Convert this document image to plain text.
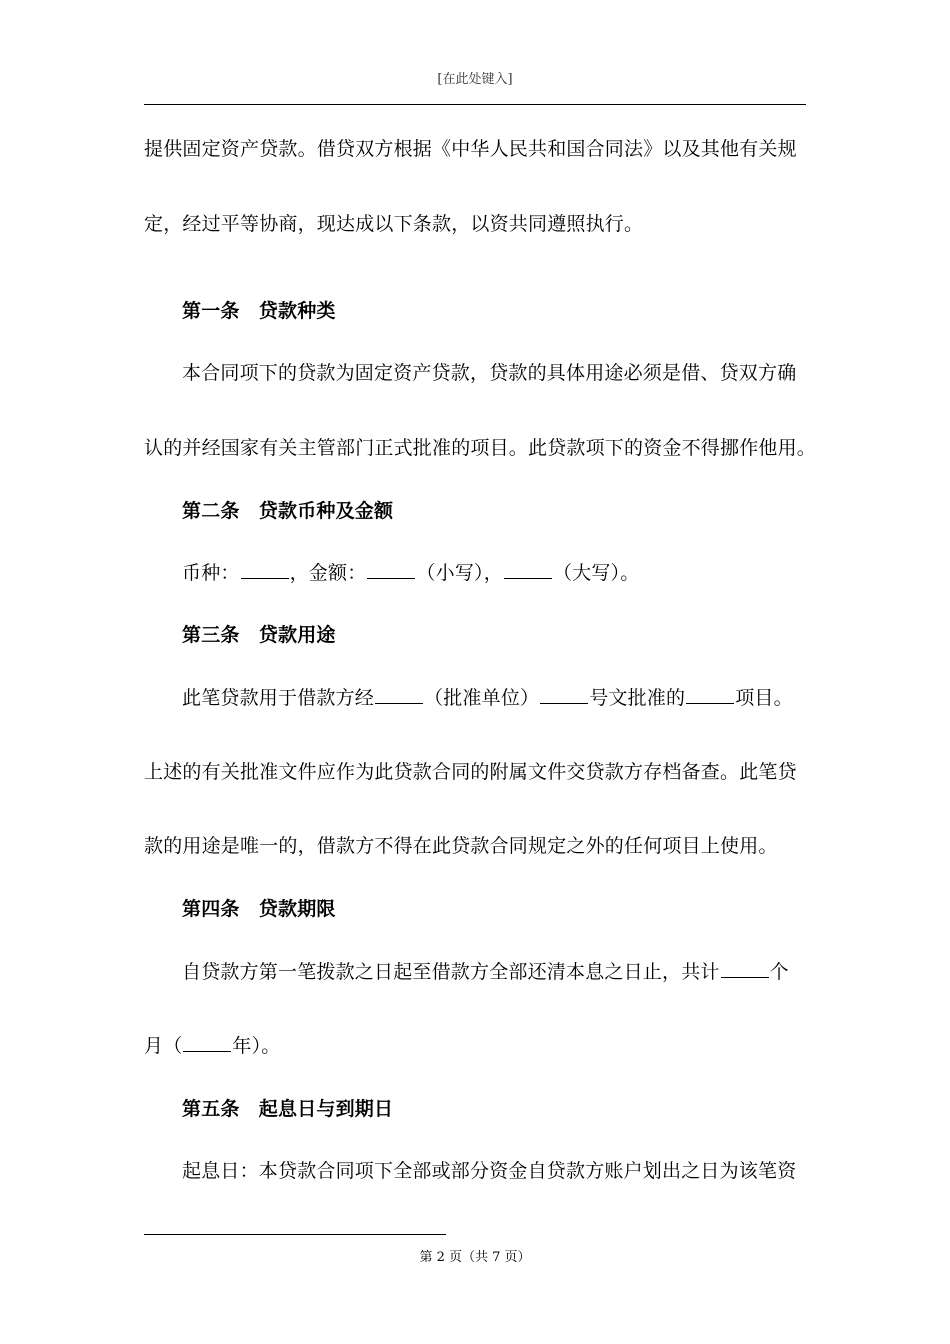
[在此处键入]
提供固定资产贷款。借贷双方根据《中华人民共和国合同法》以及其他有关规
定，经过平等协商，现达成以下条款，以资共同遵照执行。
第一条　贷款种类
本合同项下的贷款为固定资产贷款，贷款的具体用途必须是借、贷双方确
认的并经国家有关主管部门正式批准的项目。此贷款项下的资金不得挪作他用。
第二条　贷款币种及金额
币种：	，金额：	（小写），	（大写）。
第三条　贷款用途
此笔贷款用于借款方经	（批准单位）	号文批准的	项目。
上述的有关批准文件应作为此贷款合同的附属文件交贷款方存档备查。此笔贷
款的用途是唯一的，借款方不得在此贷款合同规定之外的任何项目上使用。
第四条　贷款期限
自贷款方第一笔拨款之日起至借款方全部还清本息之日止，共计	个
月（	年）。
第五条　起息日与到期日
起息日：本贷款合同项下全部或部分资金自贷款方账户划出之日为该笔资
第 2 页（共 7 页）
